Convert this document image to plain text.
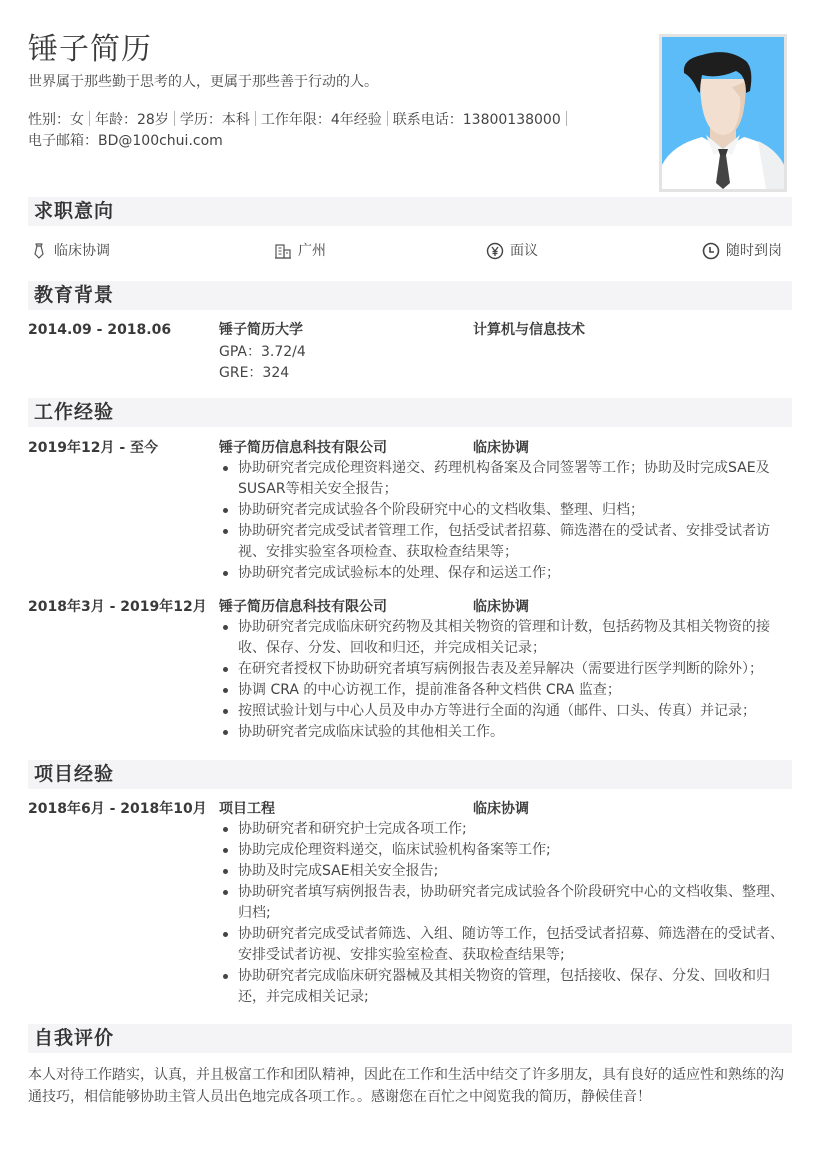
锤子简历
世界属于那些勤于思考的人，更属于那些善于行动的人。
性别：女 年龄：28岁 学历：本科 工作年限：4年经验 联系电话：13800138000
电子邮箱：BD@100chui.com
求职意向
临床协调	广州	面议	随时到岗
教育背景
2014.09 - 2018.06	锤子简历大学	计算机与信息技术
GPA：3.72/4
GRE：324
工作经验
2019年12月 - 至今	锤子简历信息科技有限公司	临床协调
协助研究者完成伦理资料递交、药理机构备案及合同签署等工作；协助及时完成SAE及SUSAR等相关安全报告；
协助研究者完成试验各个阶段研究中心的文档收集、整理、归档；
协助研究者完成受试者管理工作，包括受试者招募、筛选潜在的受试者、安排受试者访视、安排实验室各项检查、获取检查结果等；
协助研究者完成试验标本的处理、保存和运送工作；
2018年3月 - 2019年12月 锤子简历信息科技有限公司	临床协调
协助研究者完成临床研究药物及其相关物资的管理和计数，包括药物及其相关物资的接收、保存、分发、回收和归还，并完成相关记录；
在研究者授权下协助研究者填写病例报告表及差异解决（需要进行医学判断的除外）；
协调 CRA 的中心访视工作，提前准备各种文档供 CRA 监查；
按照试验计划与中心人员及申办方等进行全面的沟通（邮件、口头、传真）并记录；
协助研究者完成临床试验的其他相关工作。
项目经验
2018年6月 - 2018年10月 项目工程	临床协调
协助研究者和研究护士完成各项工作;
协助完成伦理资料递交，临床试验机构备案等工作;
协助及时完成SAE相关安全报告;
协助研究者填写病例报告表，协助研究者完成试验各个阶段研究中心的文档收集、整理、归档;
协助研究者完成受试者筛选、入组、随访等工作，包括受试者招募、筛选潜在的受试者、安排受试者访视、安排实验室检查、获取检查结果等;
协助研究者完成临床研究器械及其相关物资的管理，包括接收、保存、分发、回收和归还，并完成相关记录;
自我评价
本人对待工作踏实，认真，并且极富工作和团队精神，因此在工作和生活中结交了许多朋友，具有良好的适应性和熟练的沟通技巧，相信能够协助主管人员出色地完成各项工作。。感谢您在百忙之中阅览我的简历，静候佳音！
